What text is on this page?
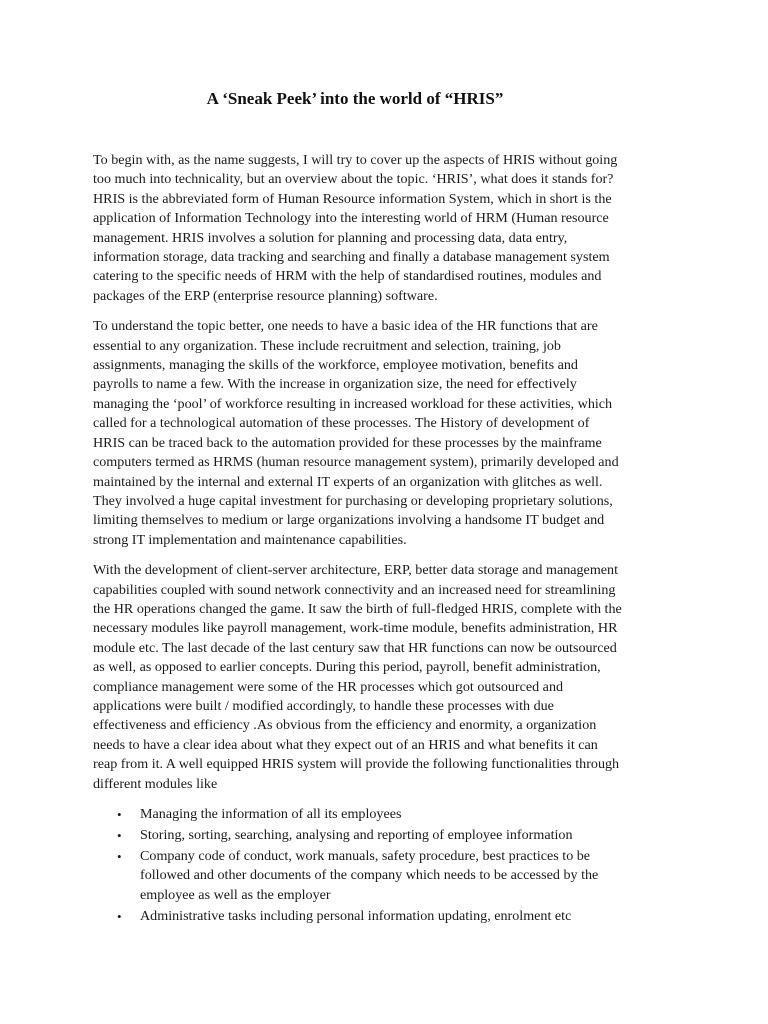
A ‘Sneak Peek’ into the world of “HRIS”

To begin with, as the name suggests, I will try to cover up the aspects of HRIS without going
too much into technicality, but an overview about the topic. ‘HRIS’, what does it stands for?
HRIS is the abbreviated form of Human Resource information System, which in short is the
application of Information Technology into the interesting world of HRM (Human resource
management. HRIS involves a solution for planning and processing data, data entry,
information storage, data tracking and searching and finally a database management system
catering to the specific needs of HRM with the help of standardised routines, modules and
packages of the ERP (enterprise resource planning) software.

To understand the topic better, one needs to have a basic idea of the HR functions that are
essential to any organization. These include recruitment and selection, training, job
assignments, managing the skills of the workforce, employee motivation, benefits and
payrolls to name a few. With the increase in organization size, the need for effectively
managing the ‘pool’ of workforce resulting in increased workload for these activities, which
called for a technological automation of these processes. The History of development of
HRIS can be traced back to the automation provided for these processes by the mainframe
computers termed as HRMS (human resource management system), primarily developed and
maintained by the internal and external IT experts of an organization with glitches as well.
They involved a huge capital investment for purchasing or developing proprietary solutions,
limiting themselves to medium or large organizations involving a handsome IT budget and
strong IT implementation and maintenance capabilities.

With the development of client-server architecture, ERP, better data storage and management
capabilities coupled with sound network connectivity and an increased need for streamlining
the HR operations changed the game. It saw the birth of full-fledged HRIS, complete with the
necessary modules like payroll management, work-time module, benefits administration, HR
module etc. The last decade of the last century saw that HR functions can now be outsourced
as well, as opposed to earlier concepts. During this period, payroll, benefit administration,
compliance management were some of the HR processes which got outsourced and
applications were built / modified accordingly, to handle these processes with due
effectiveness and efficiency .As obvious from the efficiency and enormity, a organization
needs to have a clear idea about what they expect out of an HRIS and what benefits it can
reap from it. A well equipped HRIS system will provide the following functionalities through
different modules like

• Managing the information of all its employees
• Storing, sorting, searching, analysing and reporting of employee information
• Company code of conduct, work manuals, safety procedure, best practices to be
followed and other documents of the company which needs to be accessed by the
employee as well as the employer
• Administrative tasks including personal information updating, enrolment etc
